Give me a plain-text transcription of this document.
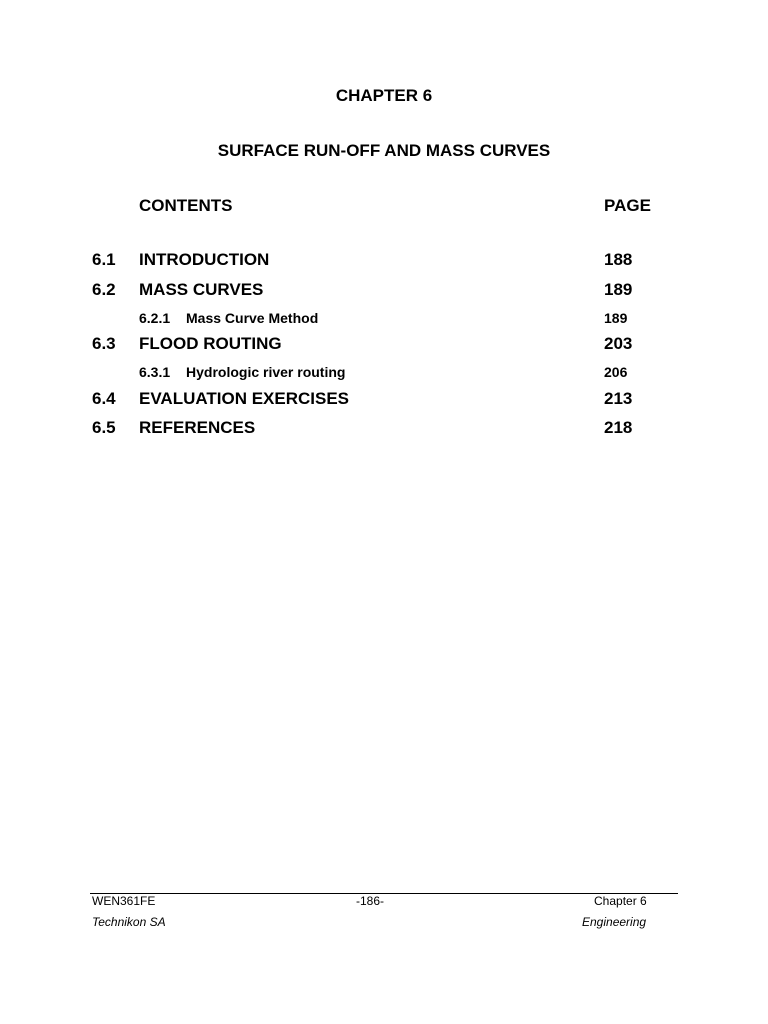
CHAPTER 6
SURFACE RUN-OFF AND MASS CURVES
CONTENTS	PAGE
6.1 INTRODUCTION	188
6.2 MASS CURVES	189
6.2.1 Mass Curve Method	189
6.3 FLOOD ROUTING	203
6.3.1 Hydrologic river routing	206
6.4 EVALUATION EXERCISES	213
6.5 REFERENCES	218
WEN361FE	-186-	Chapter 6
Technikon SA	Engineering
